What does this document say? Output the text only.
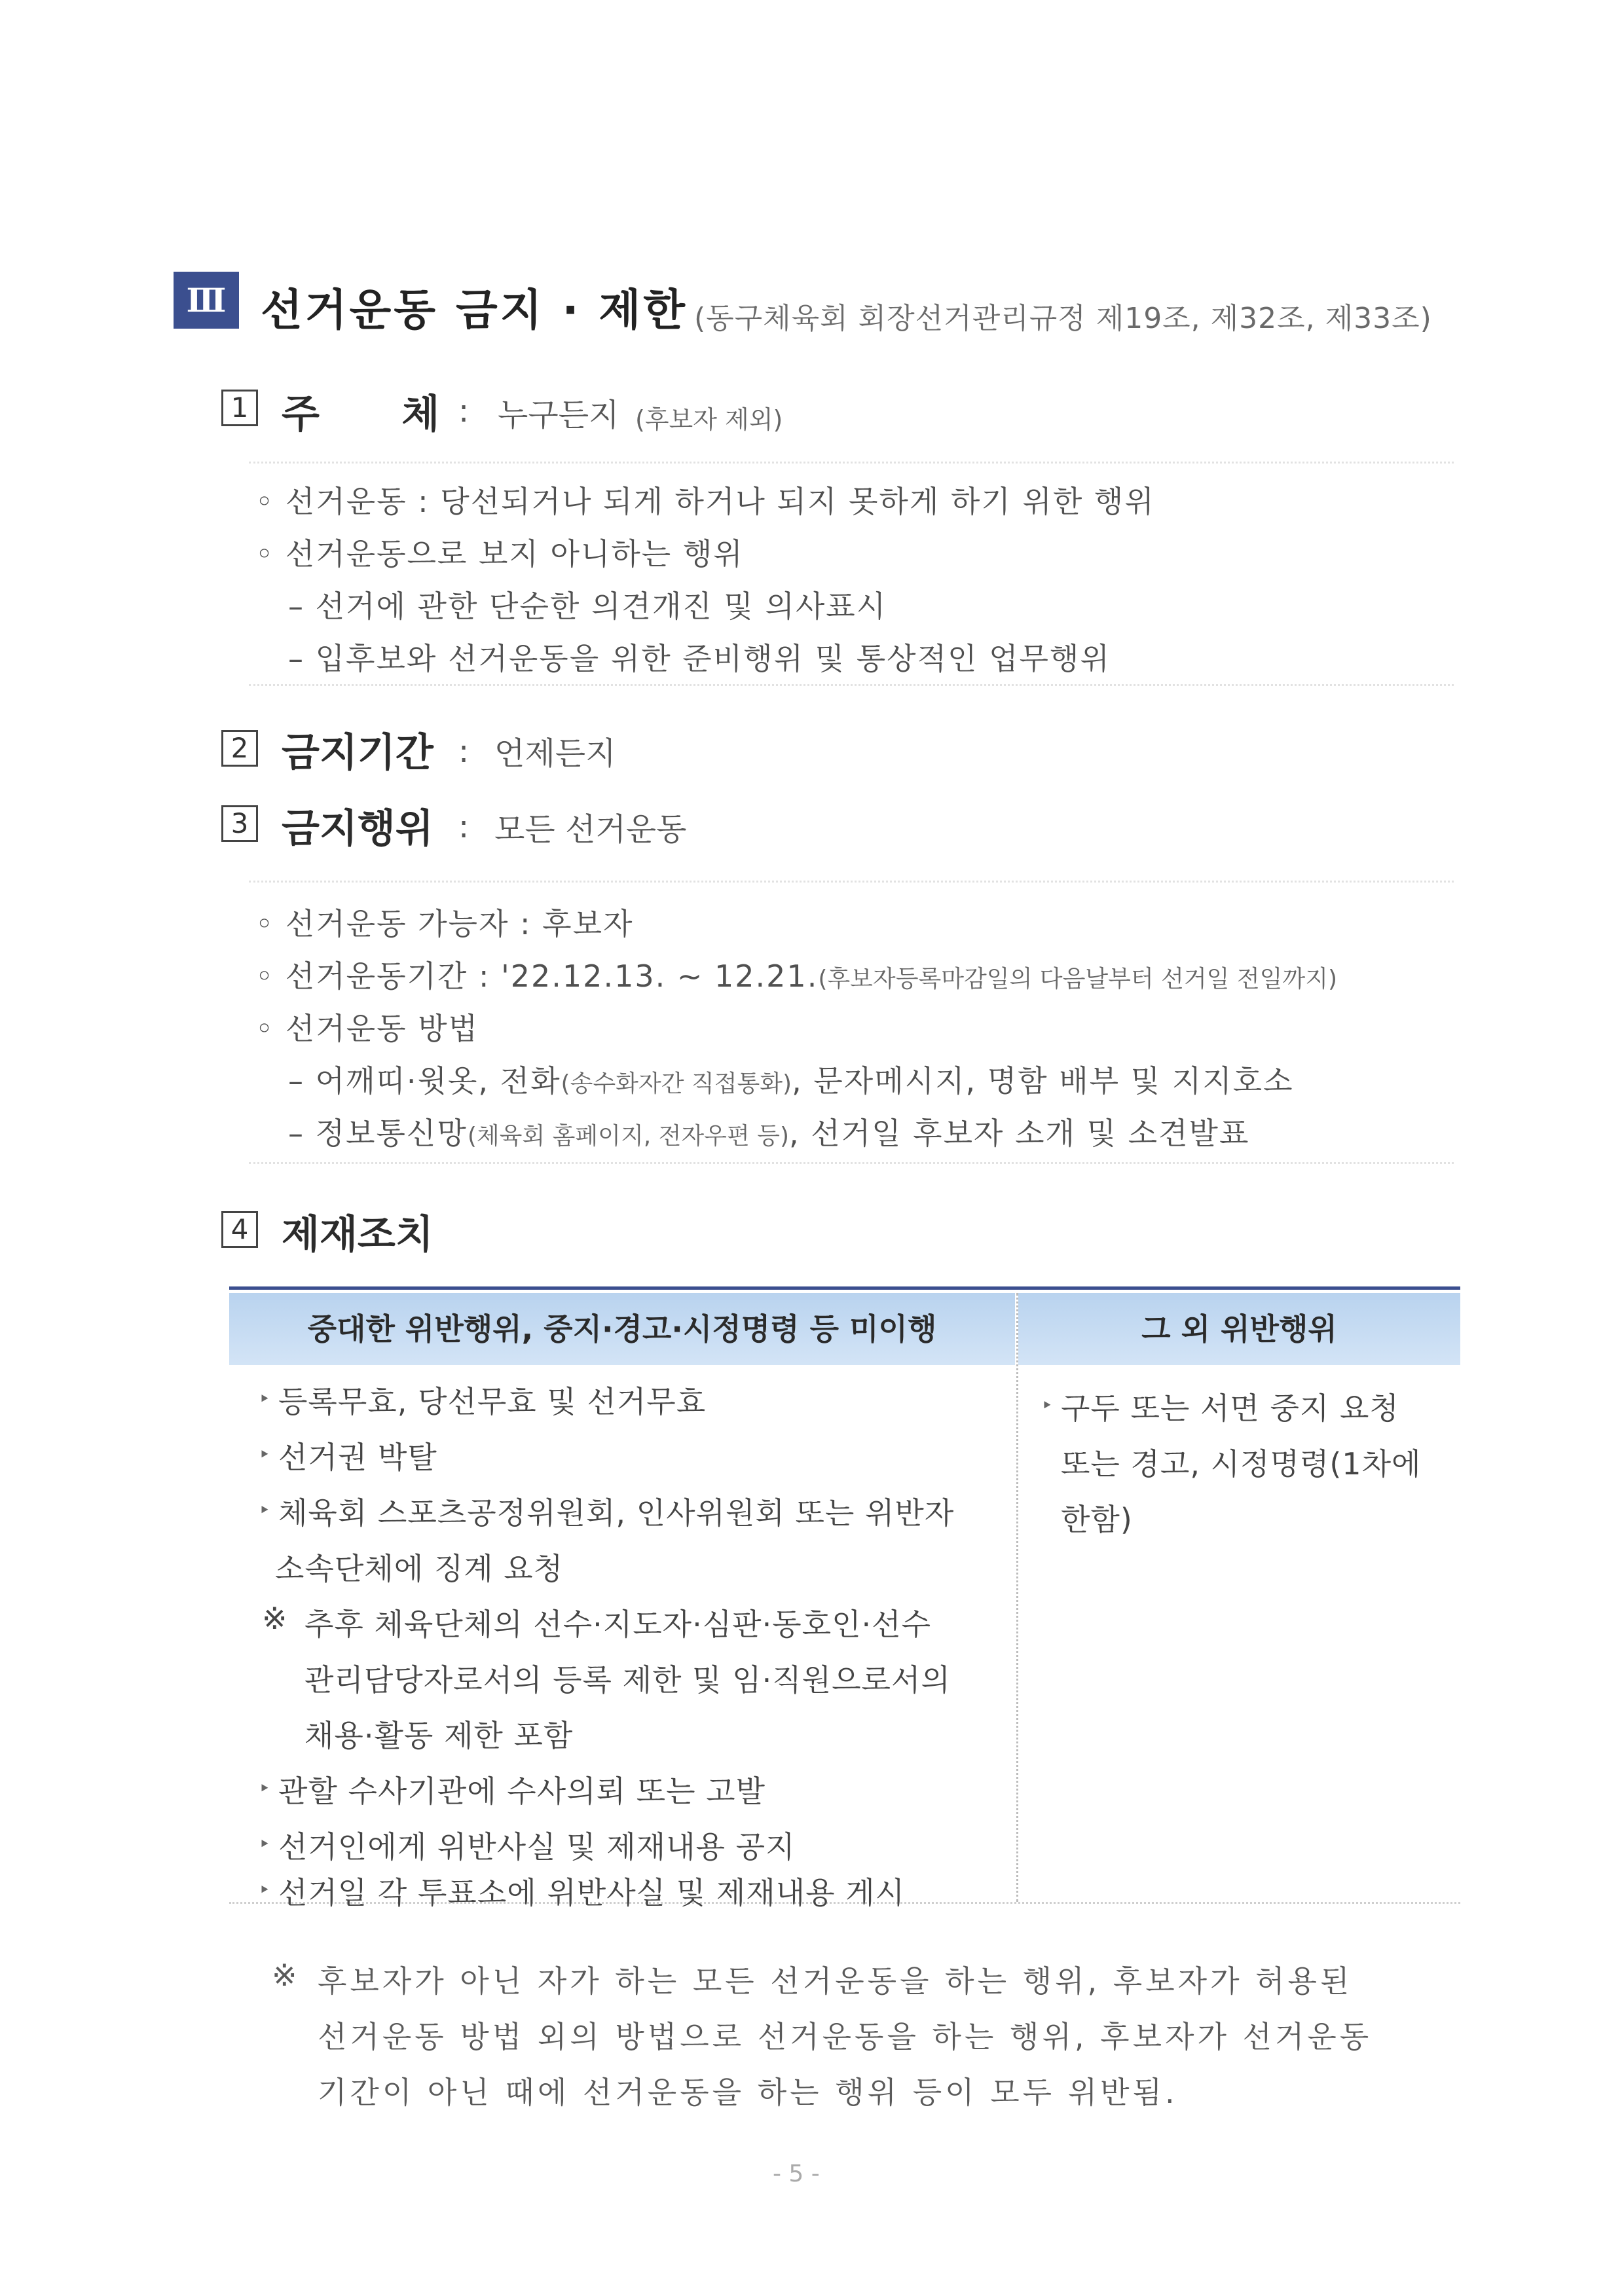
Ⅲ 선거운동 금지 · 제한 (동구체육회 회장선거관리규정 제19조, 제32조, 제33조)
1 주      체 : 누구든지 (후보자 제외)
◦ 선거운동 : 당선되거나 되게 하거나 되지 못하게 하기 위한 행위
◦ 선거운동으로 보지 아니하는 행위
– 선거에 관한 단순한 의견개진 및 의사표시
– 입후보와 선거운동을 위한 준비행위 및 통상적인 업무행위
2 금지기간 : 언제든지
3 금지행위 : 모든 선거운동
◦ 선거운동 가능자 : 후보자
◦ 선거운동기간 : '22.12.13. ~ 12.21.(후보자등록마감일의 다음날부터 선거일 전일까지)
◦ 선거운동 방법
– 어깨띠·윗옷, 전화(송수화자간 직접통화), 문자메시지, 명함 배부 및 지지호소
– 정보통신망(체육회 홈페이지, 전자우편 등), 선거일 후보자 소개 및 소견발표
4 제재조치
중대한 위반행위, 중지·경고·시정명령 등 미이행	그 외 위반행위
‣ 등록무효, 당선무효 및 선거무효
‣ 선거권 박탈
‣ 체육회 스포츠공정위원회, 인사위원회 또는 위반자
소속단체에 징계 요청
※ 추후 체육단체의 선수·지도자·심판·동호인·선수
관리담당자로서의 등록 제한 및 임·직원으로서의
채용·활동 제한 포함
‣ 관할 수사기관에 수사의뢰 또는 고발
‣ 선거인에게 위반사실 및 제재내용 공지
‣ 선거일 각 투표소에 위반사실 및 제재내용 게시
‣ 구두 또는 서면 중지 요청
또는 경고, 시정명령(1차에
한함)
※ 후보자가 아닌 자가 하는 모든 선거운동을 하는 행위, 후보자가 허용된
선거운동 방법 외의 방법으로 선거운동을 하는 행위, 후보자가 선거운동
기간이 아닌 때에 선거운동을 하는 행위 등이 모두 위반됨.
- 5 -
